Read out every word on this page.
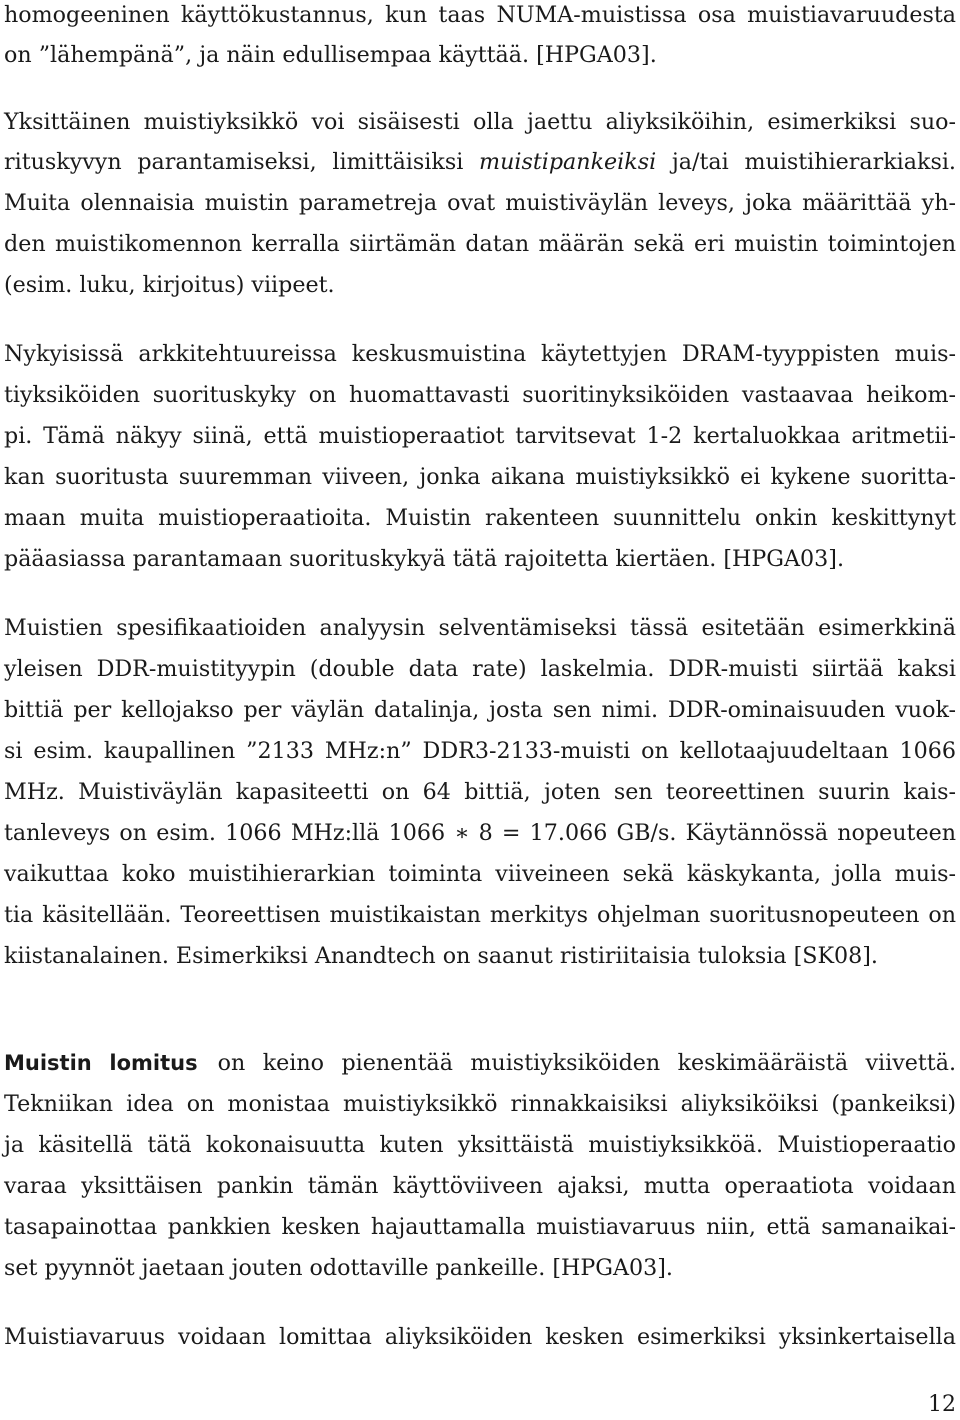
homogeeninen käyttökustannus, kun taas NUMA-muistissa osa muistiavaruudesta
on ”lähempänä”, ja näin edullisempaa käyttää. [HPGA03].
Yksittäinen muistiyksikkö voi sisäisesti olla jaettu aliyksiköihin, esimerkiksi suo-
rituskyvyn parantamiseksi, limittäisiksi muistipankeiksi ja/tai muistihierarkiaksi.
Muita olennaisia muistin parametreja ovat muistiväylän leveys, joka määrittää yh-
den muistikomennon kerralla siirtämän datan määrän sekä eri muistin toimintojen
(esim. luku, kirjoitus) viipeet.
Nykyisissä arkkitehtuureissa keskusmuistina käytettyjen DRAM-tyyppisten muis-
tiyksiköiden suorituskyky on huomattavasti suoritinyksiköiden vastaavaa heikom-
pi. Tämä näkyy siinä, että muistioperaatiot tarvitsevat 1-2 kertaluokkaa aritmetii-
kan suoritusta suuremman viiveen, jonka aikana muistiyksikkö ei kykene suoritta-
maan muita muistioperaatioita. Muistin rakenteen suunnittelu onkin keskittynyt
pääasiassa parantamaan suorituskykyä tätä rajoitetta kiertäen. [HPGA03].
Muistien spesifikaatioiden analyysin selventämiseksi tässä esitetään esimerkkinä
yleisen DDR-muistityypin (double data rate) laskelmia. DDR-muisti siirtää kaksi
bittiä per kellojakso per väylän datalinja, josta sen nimi. DDR-ominaisuuden vuok-
si esim. kaupallinen ”2133 MHz:n” DDR3-2133-muisti on kellotaajuudeltaan 1066
MHz. Muistiväylän kapasiteetti on 64 bittiä, joten sen teoreettinen suurin kais-
tanleveys on esim. 1066 MHz:llä 1066 ∗ 8 = 17.066 GB/s. Käytännössä nopeuteen
vaikuttaa koko muistihierarkian toiminta viiveineen sekä käskykanta, jolla muis-
tia käsitellään. Teoreettisen muistikaistan merkitys ohjelman suoritusnopeuteen on
kiistanalainen. Esimerkiksi Anandtech on saanut ristiriitaisia tuloksia [SK08].
Muistin lomitus on keino pienentää muistiyksiköiden keskimääräistä viivettä.
Tekniikan idea on monistaa muistiyksikkö rinnakkaisiksi aliyksiköiksi (pankeiksi)
ja käsitellä tätä kokonaisuutta kuten yksittäistä muistiyksikköä. Muistioperaatio
varaa yksittäisen pankin tämän käyttöviiveen ajaksi, mutta operaatiota voidaan
tasapainottaa pankkien kesken hajauttamalla muistiavaruus niin, että samanaikai-
set pyynnöt jaetaan jouten odottaville pankeille. [HPGA03].
Muistiavaruus voidaan lomittaa aliyksiköiden kesken esimerkiksi yksinkertaisella
12
